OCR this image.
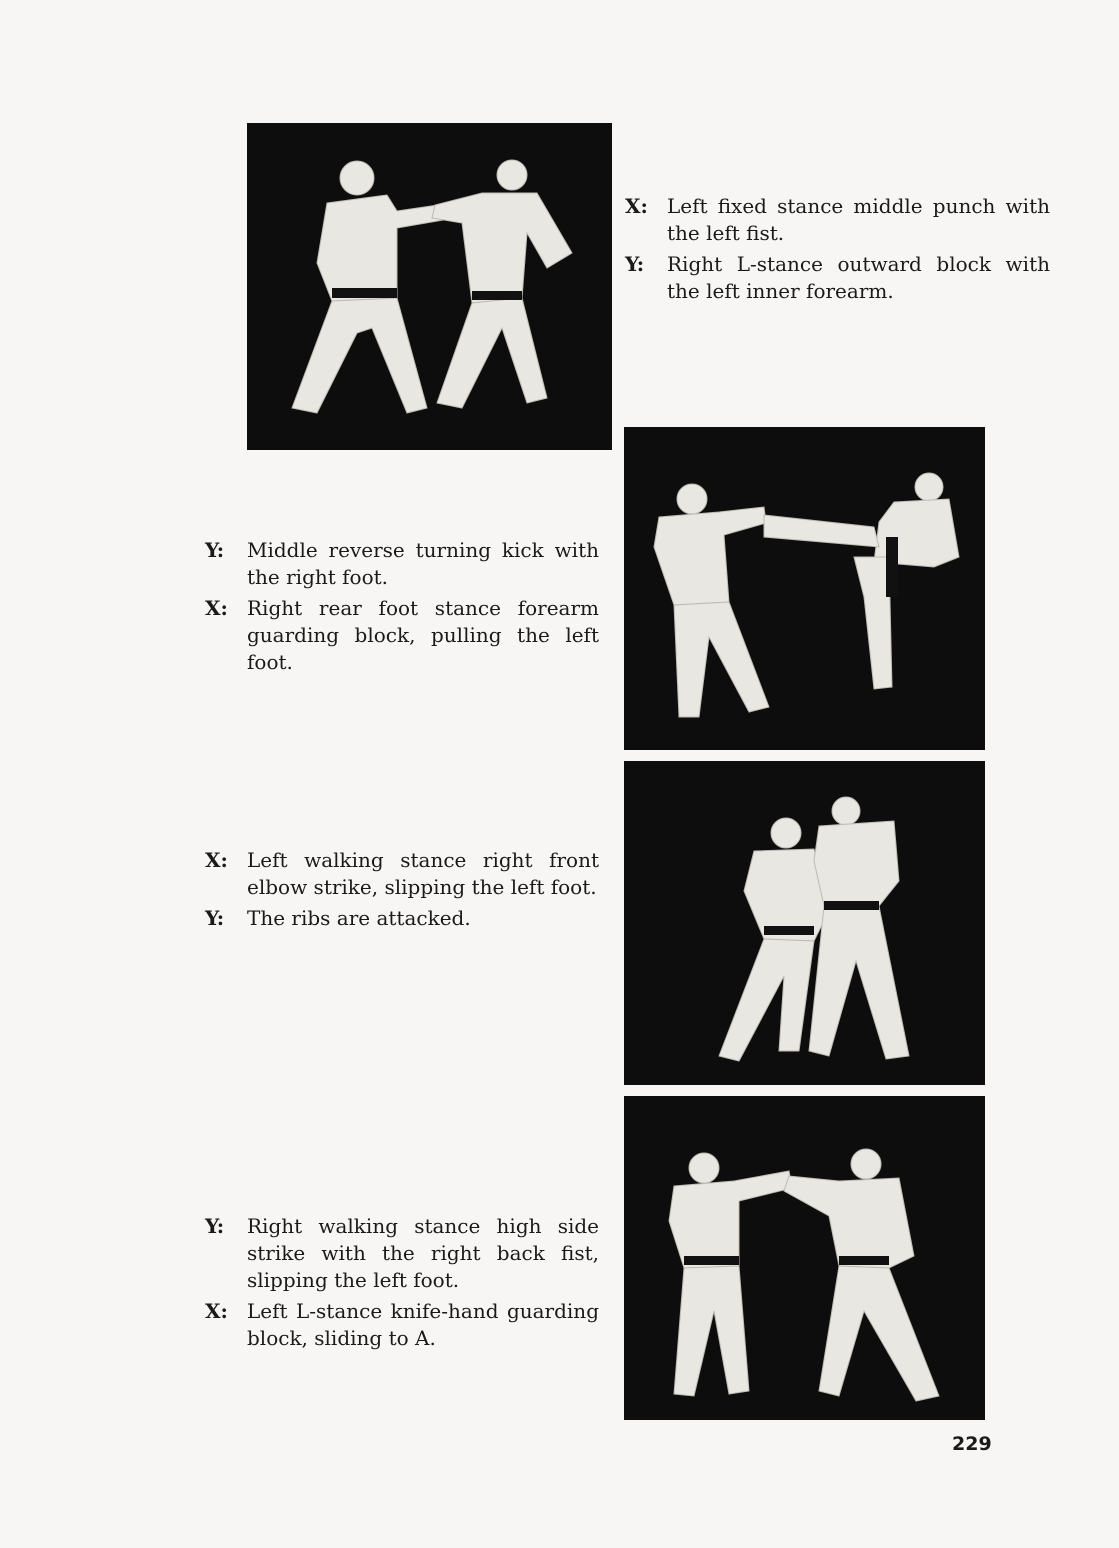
X: Left fixed stance middle punch with the left fist.
Y:	Right L-stance outward block with the left inner forearm.
Y:	Middle reverse turning kick with the right foot.
X: Right rear foot stance forearm guarding block, pulling the left foot.
X: Left walking stance right front elbow strike, slipping the left foot.
Y:	The ribs are attacked.
Y:	Right walking stance high side strike with the right back fist, slipping the left foot.
X: Left L-stance knife-hand guarding block, sliding to A.
229
